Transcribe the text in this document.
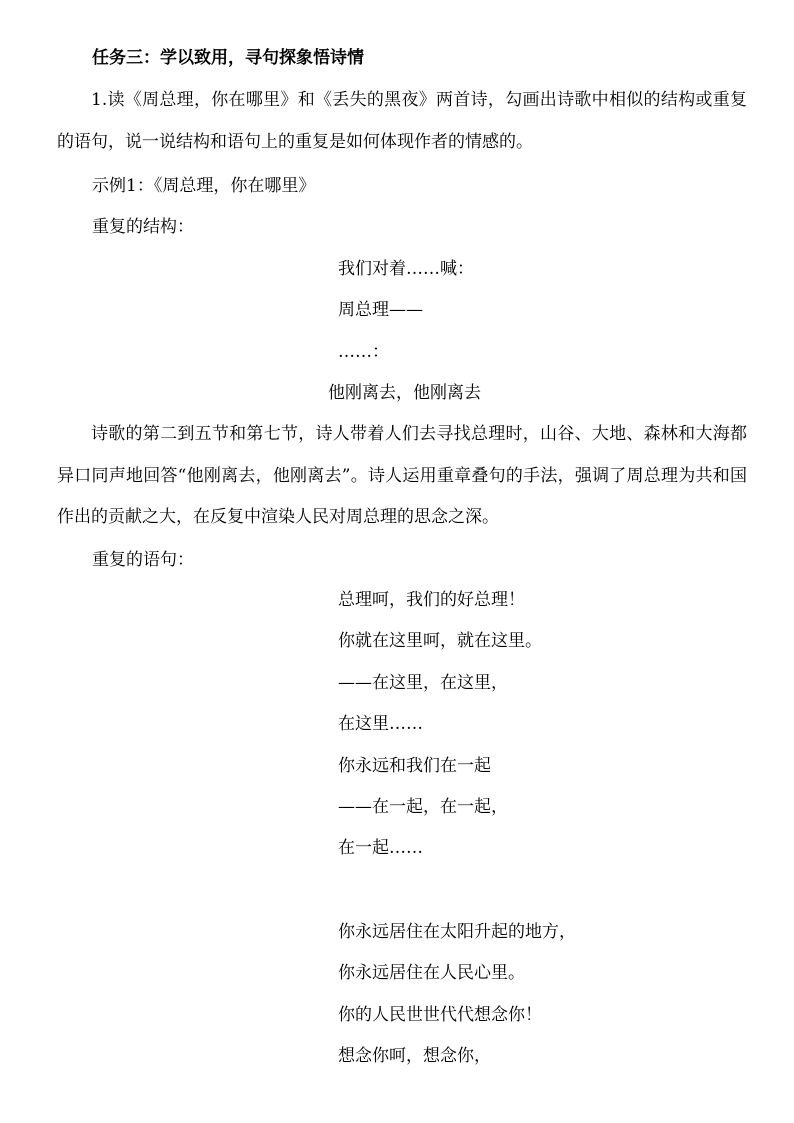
任务三：学以致用，寻句探象悟诗情
1.读《周总理，你在哪里》和《丢失的黑夜》两首诗，勾画出诗歌中相似的结构或重复的语句，说一说结构和语句上的重复是如何体现作者的情感的。
示例1：《周总理，你在哪里》
重复的结构：
我们对着……喊：
周总理——
……：
他刚离去，他刚离去
诗歌的第二到五节和第七节，诗人带着人们去寻找总理时，山谷、大地、森林和大海都异口同声地回答“他刚离去，他刚离去”。诗人运用重章叠句的手法，强调了周总理为共和国作出的贡献之大，在反复中渲染人民对周总理的思念之深。
重复的语句：
总理呵，我们的好总理！
你就在这里呵，就在这里。
——在这里，在这里，
在这里……
你永远和我们在一起
——在一起，在一起，
在一起……
你永远居住在太阳升起的地方，
你永远居住在人民心里。
你的人民世世代代想念你！
想念你呵，想念你，
